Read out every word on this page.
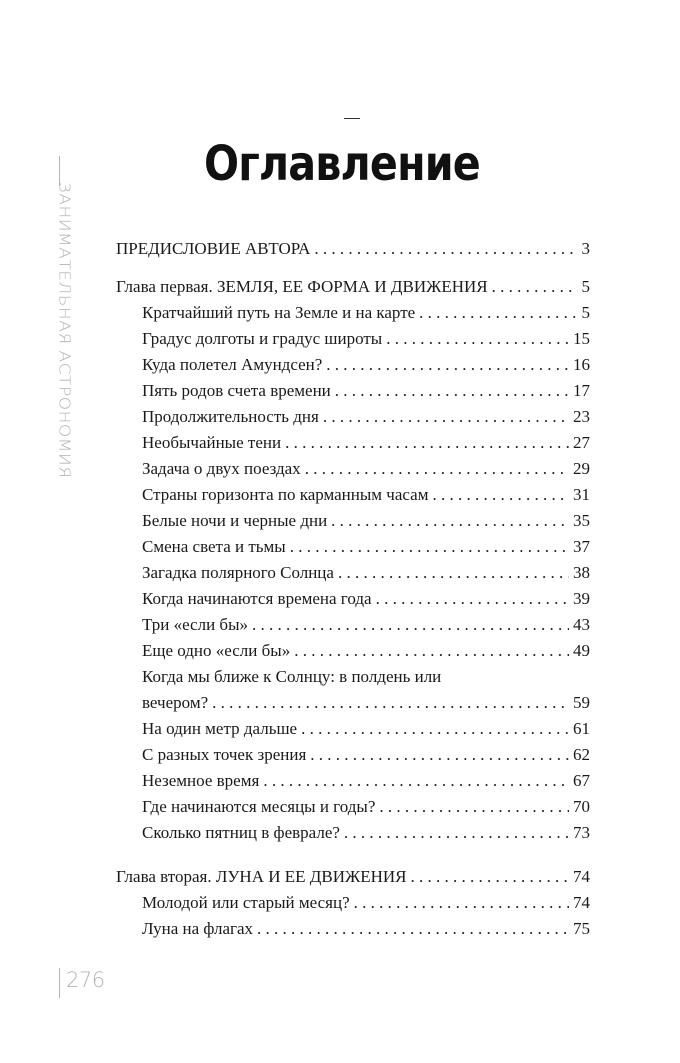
Оглавление
ЗАНИМАТЕЛЬНАЯ АСТРОНОМИЯ
276
ПРЕДИСЛОВИЕ АВТОРА . . .	3
Глава первая. ЗЕМЛЯ, ЕЕ ФОРМА И ДВИЖЕНИЯ . . .	5
Кратчайший путь на Земле и на карте . . .	5
Градус долготы и градус широты . . .	15
Куда полетел Амундсен? . . .	16
Пять родов счета времени . . .	17
Продолжительность дня . . .	23
Необычайные тени . . .	27
Задача о двух поездах . . .	29
Страны горизонта по карманным часам . . .	31
Белые ночи и черные дни . . .	35
Смена света и тьмы . . .	37
Загадка полярного Солнца . . .	38
Когда начинаются времена года . . .	39
Три «если бы» . . .	43
Еще одно «если бы» . . .	49
Когда мы ближе к Солнцу: в полдень или
вечером? . . .	59
На один метр дальше . . .	61
С разных точек зрения . . .	62
Неземное время . . .	67
Где начинаются месяцы и годы? . . .	70
Сколько пятниц в феврале? . . .	73
Глава вторая. ЛУНА И ЕЕ ДВИЖЕНИЯ . . .	74
Молодой или старый месяц? . . .	74
Луна на флагах . . .	75
